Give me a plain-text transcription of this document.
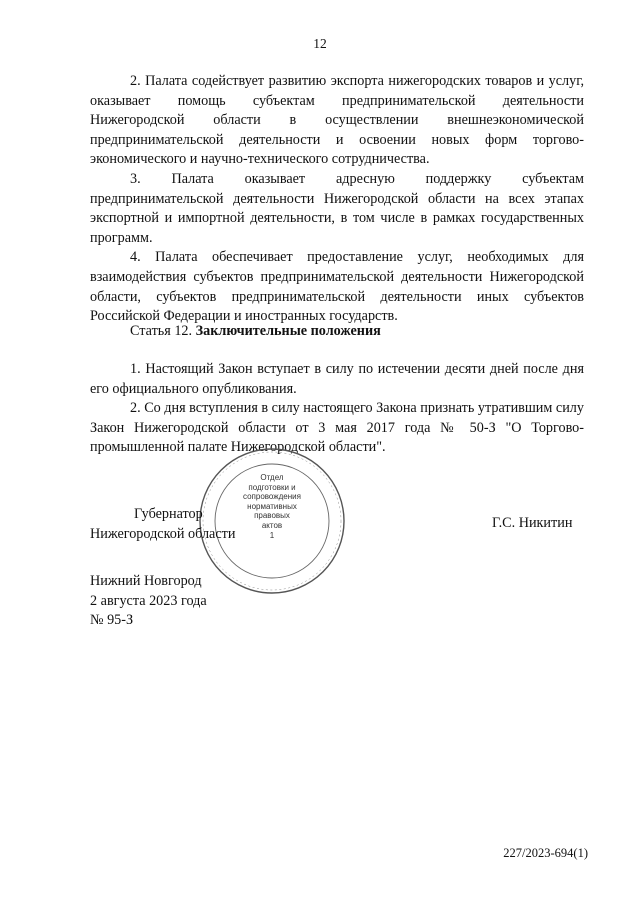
12

2. Палата содействует развитию экспорта нижегородских товаров и услуг, оказывает помощь субъектам предпринимательской деятельности Нижегородской области в осуществлении внешнеэкономической предпринимательской деятельности и освоении новых форм торгово-экономического и научно-технического сотрудничества.

3. Палата оказывает адресную поддержку субъектам предпринимательской деятельности Нижегородской области на всех этапах экспортной и импортной деятельности, в том числе в рамках государственных программ.

4. Палата обеспечивает предоставление услуг, необходимых для взаимодействия субъектов предпринимательской деятельности Нижегородской области, субъектов предпринимательской деятельности иных субъектов Российской Федерации и иностранных государств.

Статья 12. Заключительные положения

1. Настоящий Закон вступает в силу по истечении десяти дней после дня его официального опубликования.

2. Со дня вступления в силу настоящего Закона признать утратившим силу Закон Нижегородской области от 3 мая 2017 года № 50-З "О Торгово-промышленной палате Нижегородской области".

Отдел
подготовки и
сопровождения
нормативных
правовых
актов
1
Губернатор
Нижегородской области
Г.С. Никитин
Нижний Новгород
2 августа 2023 года
№ 95-З
227/2023-694(1)
